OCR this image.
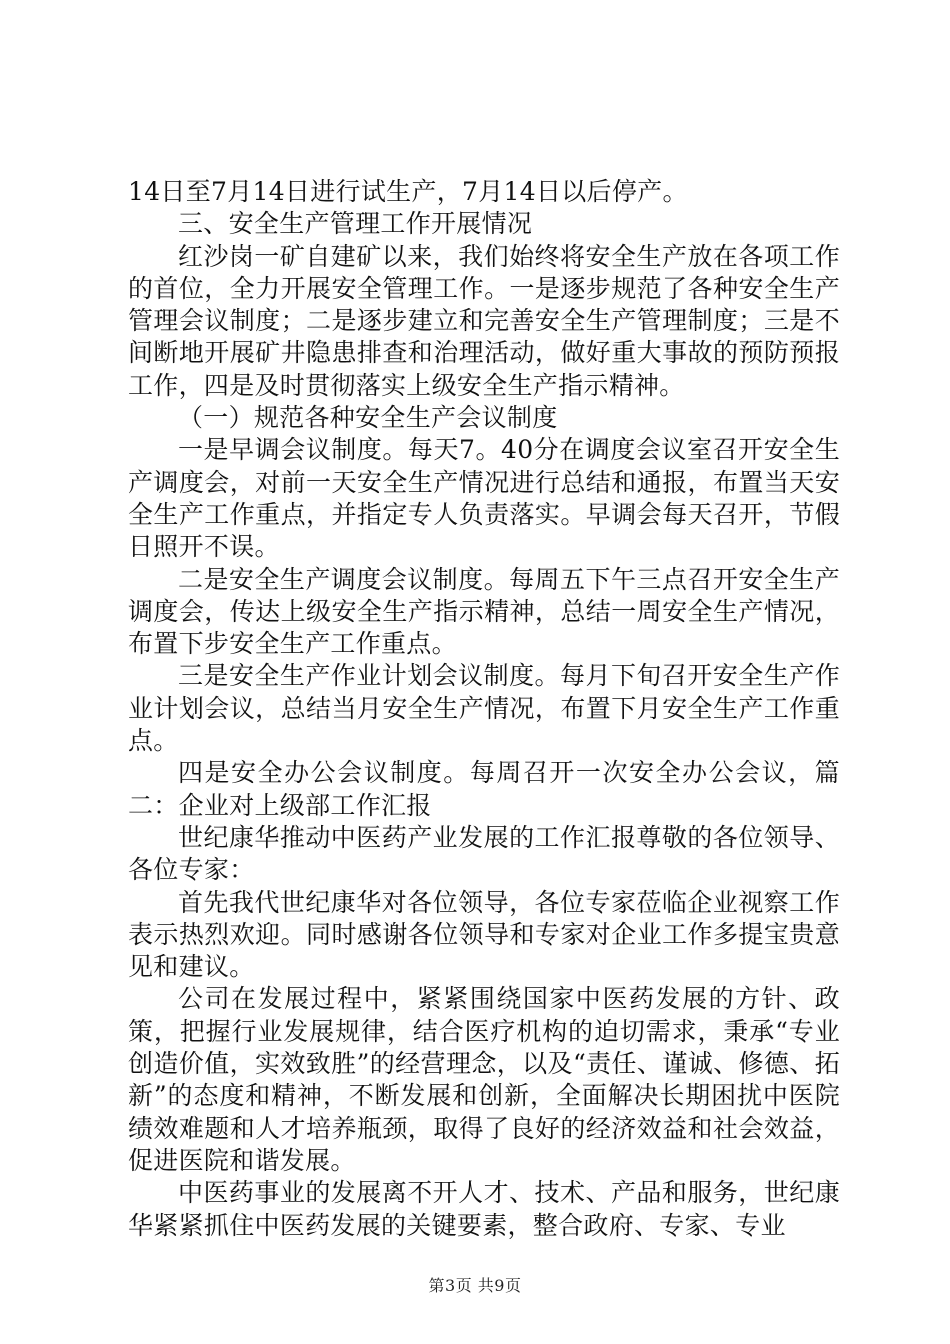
14日至7月14日进行试生产，7月14日以后停产。

三、安全生产管理工作开展情况

红沙岗一矿自建矿以来，我们始终将安全生产放在各项工作的首位，全力开展安全管理工作。一是逐步规范了各种安全生产管理会议制度；二是逐步建立和完善安全生产管理制度；三是不间断地开展矿井隐患排查和治理活动，做好重大事故的预防预报工作，四是及时贯彻落实上级安全生产指示精神。

（一）规范各种安全生产会议制度

一是早调会议制度。每天7。40分在调度会议室召开安全生产调度会，对前一天安全生产情况进行总结和通报，布置当天安全生产工作重点，并指定专人负责落实。早调会每天召开，节假日照开不误。

二是安全生产调度会议制度。每周五下午三点召开安全生产调度会，传达上级安全生产指示精神，总结一周安全生产情况，布置下步安全生产工作重点。

三是安全生产作业计划会议制度。每月下旬召开安全生产作业计划会议，总结当月安全生产情况，布置下月安全生产工作重点。

四是安全办公会议制度。每周召开一次安全办公会议，篇二：企业对上级部工作汇报

世纪康华推动中医药产业发展的工作汇报尊敬的各位领导、各位专家：

首先我代世纪康华对各位领导，各位专家莅临企业视察工作表示热烈欢迎。同时感谢各位领导和专家对企业工作多提宝贵意见和建议。

公司在发展过程中，紧紧围绕国家中医药发展的方针、政策，把握行业发展规律，结合医疗机构的迫切需求，秉承“专业创造价值，实效致胜”的经营理念，以及“责任、谨诚、修德、拓新”的态度和精神，不断发展和创新，全面解决长期困扰中医院绩效难题和人才培养瓶颈，取得了良好的经济效益和社会效益，促进医院和谐发展。

中医药事业的发展离不开人才、技术、产品和服务，世纪康华紧紧抓住中医药发展的关键要素，整合政府、专家、专业

第3页 共9页
